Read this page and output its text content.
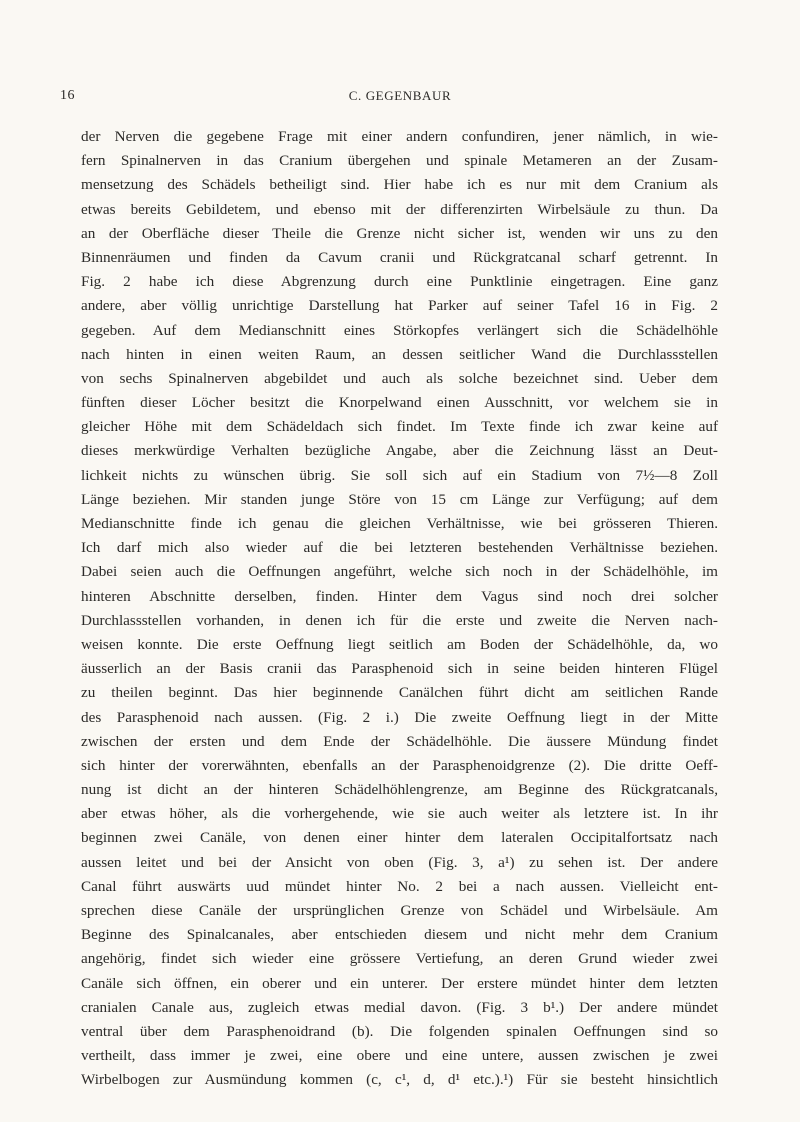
16	C. GEGENBAUR
der Nerven die gegebene Frage mit einer andern confundiren, jener nämlich, in wie-
fern Spinalnerven in das Cranium übergehen und spinale Metameren an der Zusam-
mensetzung des Schädels betheiligt sind. Hier habe ich es nur mit dem Cranium als
etwas bereits Gebildetem, und ebenso mit der differenzirten Wirbelsäule zu thun. Da
an der Oberfläche dieser Theile die Grenze nicht sicher ist, wenden wir uns zu den
Binnenräumen und finden da Cavum cranii und Rückgratcanal scharf getrennt. In
Fig. 2 habe ich diese Abgrenzung durch eine Punktlinie eingetragen. Eine ganz
andere, aber völlig unrichtige Darstellung hat Parker auf seiner Tafel 16 in Fig. 2
gegeben. Auf dem Medianschnitt eines Störkopfes verlängert sich die Schädelhöhle
nach hinten in einen weiten Raum, an dessen seitlicher Wand die Durchlassstellen
von sechs Spinalnerven abgebildet und auch als solche bezeichnet sind. Ueber dem
fünften dieser Löcher besitzt die Knorpelwand einen Ausschnitt, vor welchem sie in
gleicher Höhe mit dem Schädeldach sich findet. Im Texte finde ich zwar keine auf
dieses merkwürdige Verhalten bezügliche Angabe, aber die Zeichnung lässt an Deut-
lichkeit nichts zu wünschen übrig. Sie soll sich auf ein Stadium von 7½—8 Zoll
Länge beziehen. Mir standen junge Störe von 15 cm Länge zur Verfügung; auf dem
Medianschnitte finde ich genau die gleichen Verhältnisse, wie bei grösseren Thieren.
Ich darf mich also wieder auf die bei letzteren bestehenden Verhältnisse beziehen.
Dabei seien auch die Oeffnungen angeführt, welche sich noch in der Schädelhöhle, im
hinteren Abschnitte derselben, finden. Hinter dem Vagus sind noch drei solcher
Durchlassstellen vorhanden, in denen ich für die erste und zweite die Nerven nach-
weisen konnte. Die erste Oeffnung liegt seitlich am Boden der Schädelhöhle, da, wo
äusserlich an der Basis cranii das Parasphenoid sich in seine beiden hinteren Flügel
zu theilen beginnt. Das hier beginnende Canälchen führt dicht am seitlichen Rande
des Parasphenoid nach aussen. (Fig. 2 i.) Die zweite Oeffnung liegt in der Mitte
zwischen der ersten und dem Ende der Schädelhöhle. Die äussere Mündung findet
sich hinter der vorerwähnten, ebenfalls an der Parasphenoidgrenze (2). Die dritte Oeff-
nung ist dicht an der hinteren Schädelhöhlengrenze, am Beginne des Rückgratcanals,
aber etwas höher, als die vorhergehende, wie sie auch weiter als letztere ist. In ihr
beginnen zwei Canäle, von denen einer hinter dem lateralen Occipitalfortsatz nach
aussen leitet und bei der Ansicht von oben (Fig. 3, a¹) zu sehen ist. Der andere
Canal führt auswärts uud mündet hinter No. 2 bei a nach aussen. Vielleicht ent-
sprechen diese Canäle der ursprünglichen Grenze von Schädel und Wirbelsäule. Am
Beginne des Spinalcanales, aber entschieden diesem und nicht mehr dem Cranium
angehörig, findet sich wieder eine grössere Vertiefung, an deren Grund wieder zwei
Canäle sich öffnen, ein oberer und ein unterer. Der erstere mündet hinter dem letzten
cranialen Canale aus, zugleich etwas medial davon. (Fig. 3 b¹.) Der andere mündet
ventral über dem Parasphenoidrand (b). Die folgenden spinalen Oeffnungen sind so
vertheilt, dass immer je zwei, eine obere und eine untere, aussen zwischen je zwei
Wirbelbogen zur Ausmündung kommen (c, c¹, d, d¹ etc.).¹) Für sie besteht hinsichtlich
